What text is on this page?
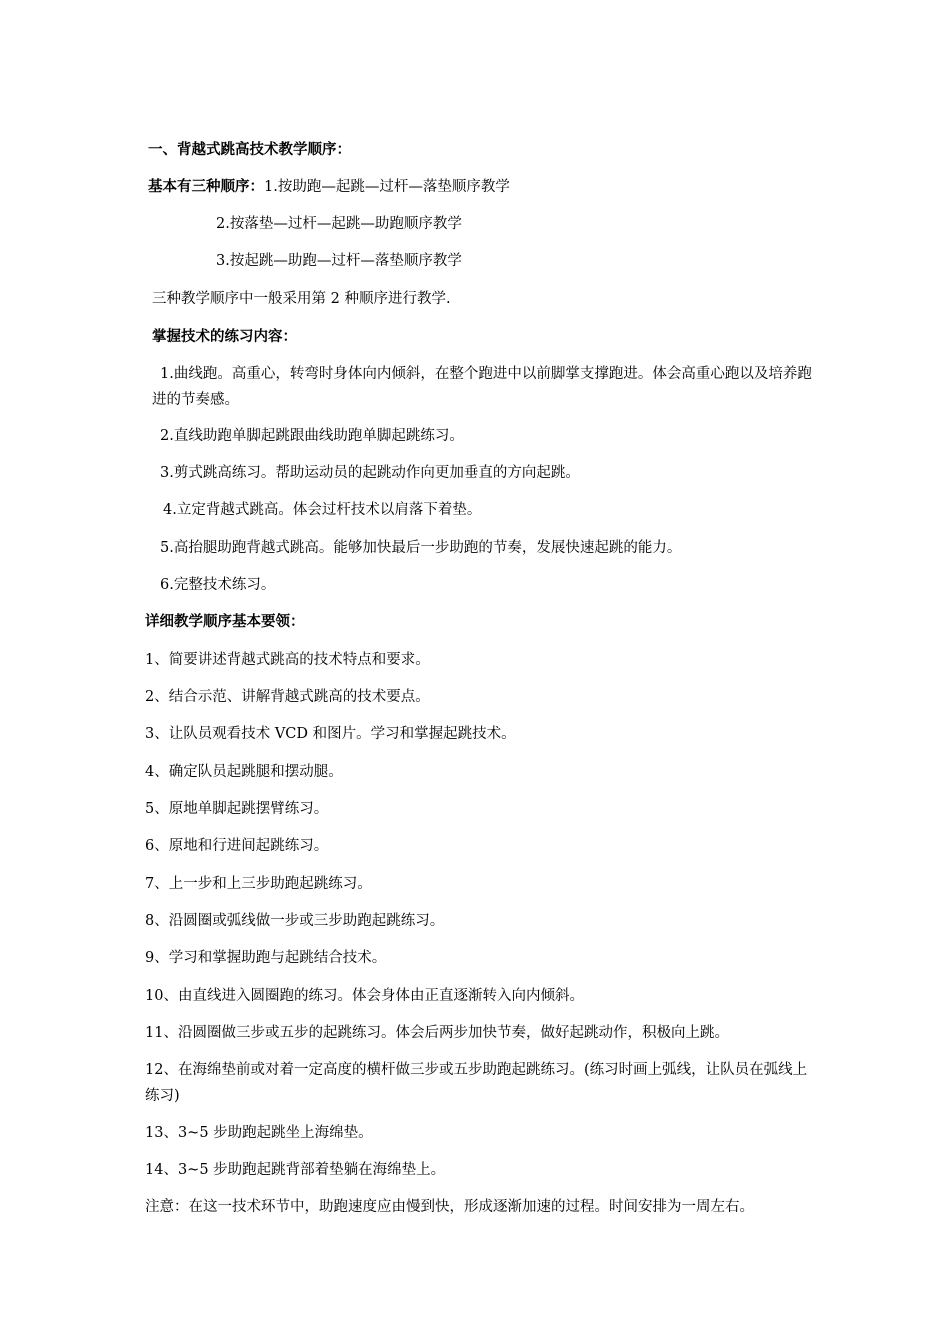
一、背越式跳高技术教学顺序：
基本有三种顺序：1.按助跑—起跳—过杆—落垫顺序教学
2.按落垫—过杆—起跳—助跑顺序教学
3.按起跳—助跑—过杆—落垫顺序教学
三种教学顺序中一般采用第 2 种顺序进行教学.
掌握技术的练习内容：
1.曲线跑。高重心，转弯时身体向内倾斜，在整个跑进中以前脚掌支撑跑进。体会高重心跑以及培养跑进的节奏感。
2.直线助跑单脚起跳跟曲线助跑单脚起跳练习。
3.剪式跳高练习。帮助运动员的起跳动作向更加垂直的方向起跳。
4.立定背越式跳高。体会过杆技术以肩落下着垫。
5.高抬腿助跑背越式跳高。能够加快最后一步助跑的节奏，发展快速起跳的能力。
6.完整技术练习。
详细教学顺序基本要领：
1、简要讲述背越式跳高的技术特点和要求。
2、结合示范、讲解背越式跳高的技术要点。
3、让队员观看技术 VCD 和图片。学习和掌握起跳技术。
4、确定队员起跳腿和摆动腿。
5、原地单脚起跳摆臂练习。
6、原地和行进间起跳练习。
7、上一步和上三步助跑起跳练习。
8、沿圆圈或弧线做一步或三步助跑起跳练习。
9、学习和掌握助跑与起跳结合技术。
10、由直线进入圆圈跑的练习。体会身体由正直逐渐转入向内倾斜。
11、沿圆圈做三步或五步的起跳练习。体会后两步加快节奏，做好起跳动作，积极向上跳。
12、在海绵垫前或对着一定高度的横杆做三步或五步助跑起跳练习。(练习时画上弧线，让队员在弧线上练习)
13、3~5 步助跑起跳坐上海绵垫。
14、3~5 步助跑起跳背部着垫躺在海绵垫上。
注意：在这一技术环节中，助跑速度应由慢到快，形成逐渐加速的过程。时间安排为一周左右。
